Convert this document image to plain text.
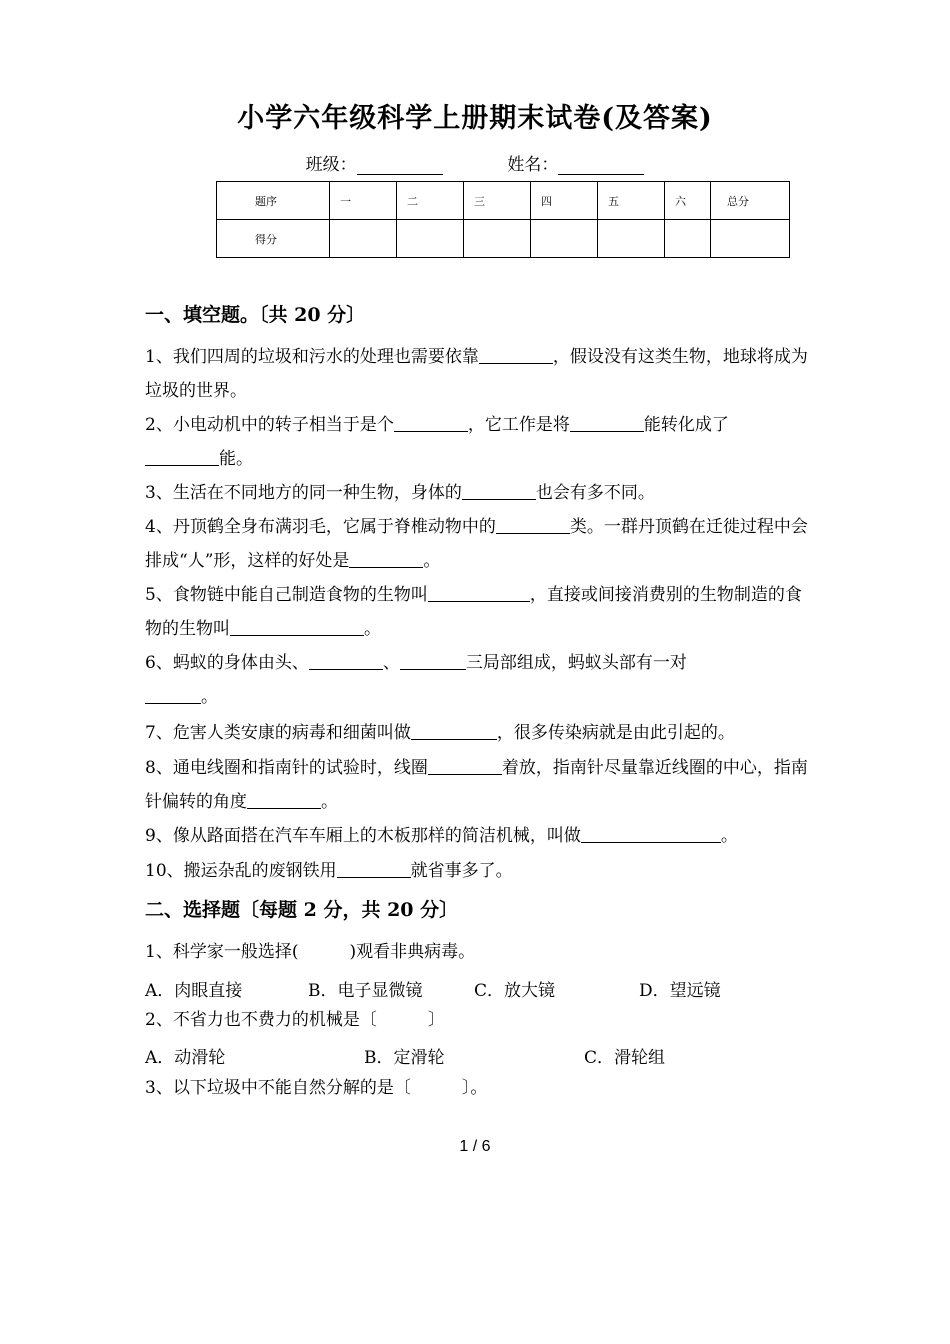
小学六年级科学上册期末试卷(及答案)
班级：	姓名：
题序	一	二	三	四	五	六	总分
得分							
一、填空题。〔共 20 分〕
1、我们四周的垃圾和污水的处理也需要依靠	，假设没有这类生物，地球将成为垃圾的世界。
2、小电动机中的转子相当于是个	，它工作是将	能转化成了
能。
3、生活在不同地方的同一种生物，身体的	也会有多不同。
4、丹顶鹤全身布满羽毛，它属于脊椎动物中的	类。一群丹顶鹤在迁徙过程中会排成“人”形，这样的好处是	。
5、食物链中能自己制造食物的生物叫	，直接或间接消费别的生物制造的食物的生物叫	。
6、蚂蚁的身体由头、	、	三局部组成，蚂蚁头部有一对
。
7、危害人类安康的病毒和细菌叫做	，很多传染病就是由此引起的。
8、通电线圈和指南针的试验时，线圈	着放，指南针尽量靠近线圈的中心，指南针偏转的角度	。
9、像从路面搭在汽车车厢上的木板那样的简洁机械，叫做	。
10、搬运杂乱的废钢铁用	就省事多了。
二、选择题〔每题 2 分，共 20 分〕
1、科学家一般选择(　　　)观看非典病毒。
A．肉眼直接	B．电子显微镜	C．放大镜	D．望远镜
2、不省力也不费力的机械是〔　　　〕
A．动滑轮	B．定滑轮	C．滑轮组
3、以下垃圾中不能自然分解的是〔　　　〕。
1 / 6
